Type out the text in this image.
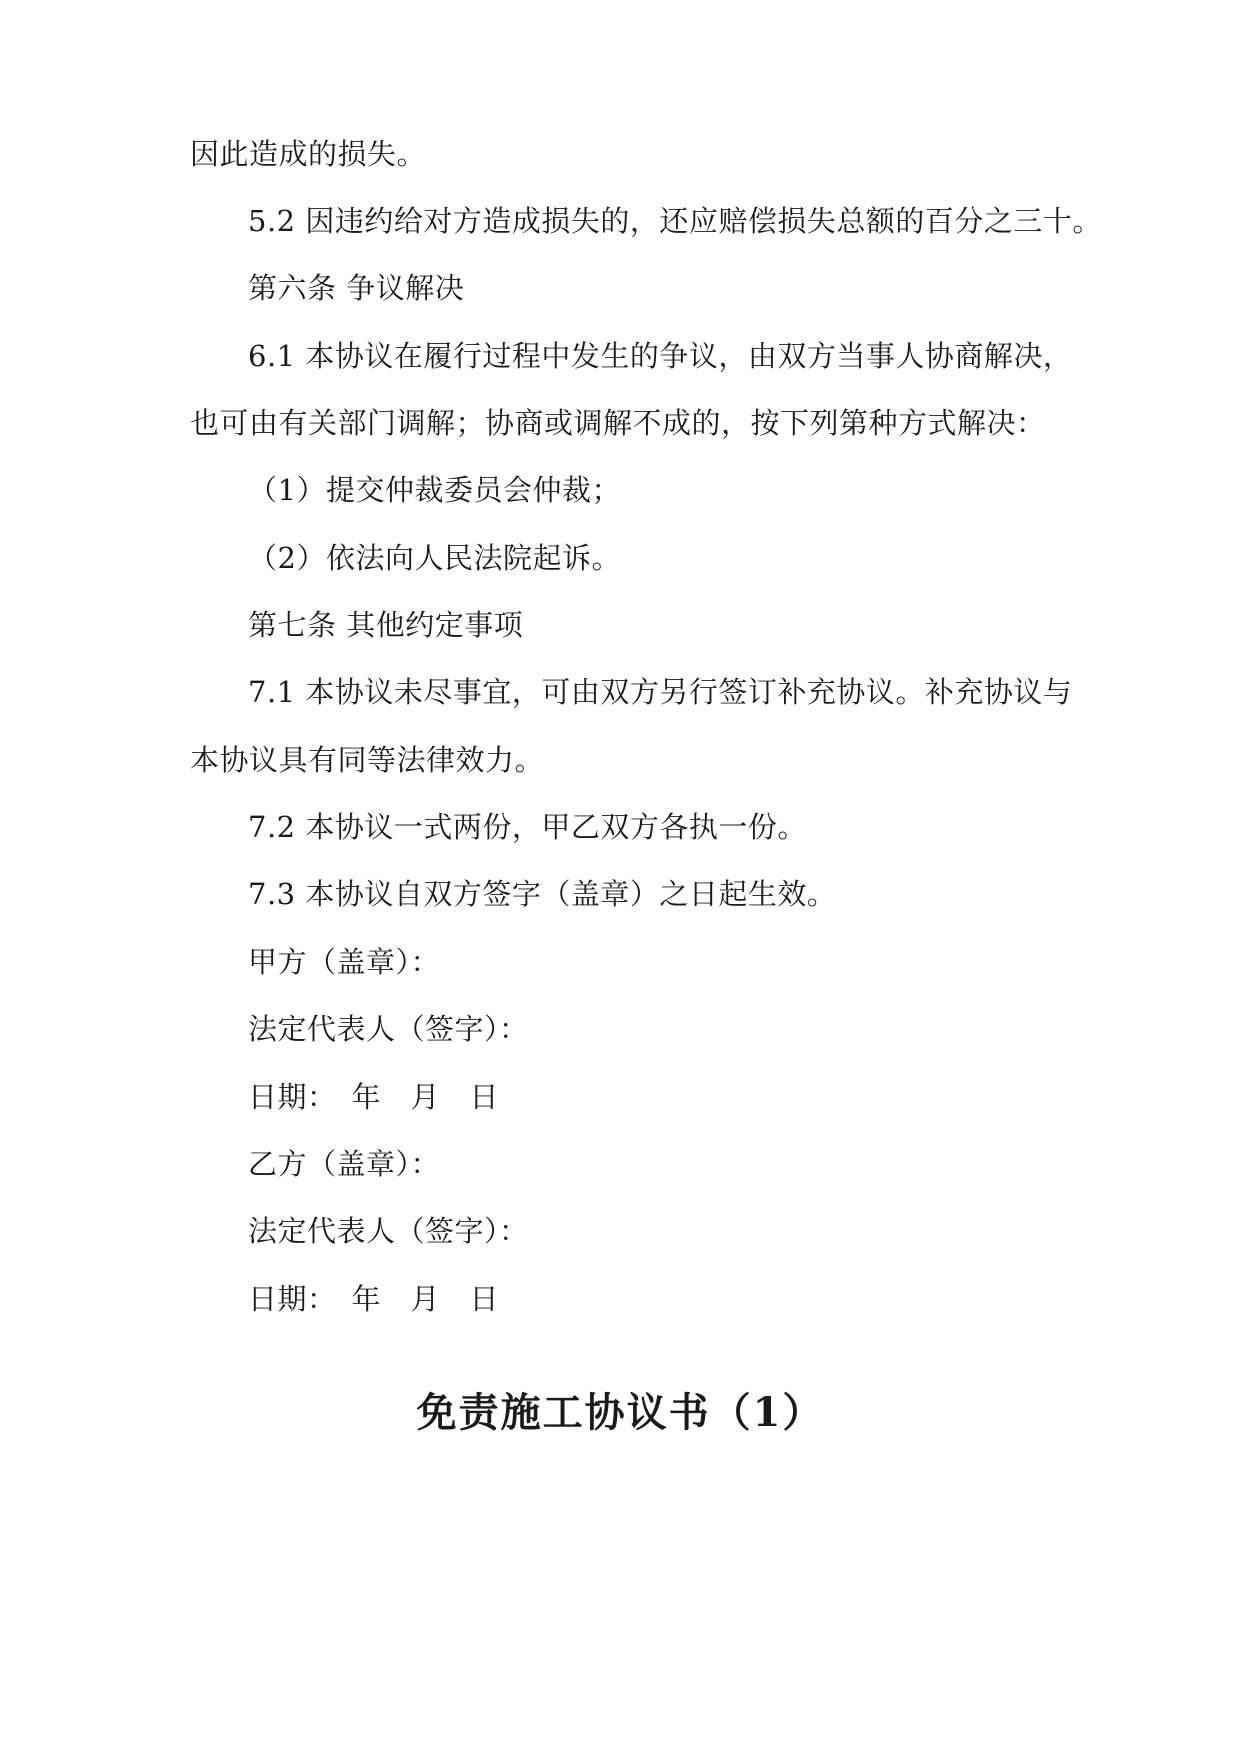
因此造成的损失。
5.2 因违约给对方造成损失的，还应赔偿损失总额的百分之三十。
第六条 争议解决
6.1 本协议在履行过程中发生的争议，由双方当事人协商解决，
也可由有关部门调解；协商或调解不成的，按下列第种方式解决：
（1）提交仲裁委员会仲裁；
（2）依法向人民法院起诉。
第七条 其他约定事项
7.1 本协议未尽事宜，可由双方另行签订补充协议。补充协议与
本协议具有同等法律效力。
7.2 本协议一式两份，甲乙双方各执一份。
7.3 本协议自双方签字（盖章）之日起生效。
甲方（盖章）：
法定代表人（签字）：
日期：　年　月　日
乙方（盖章）：
法定代表人（签字）：
日期：　年　月　日
免责施工协议书（1）
